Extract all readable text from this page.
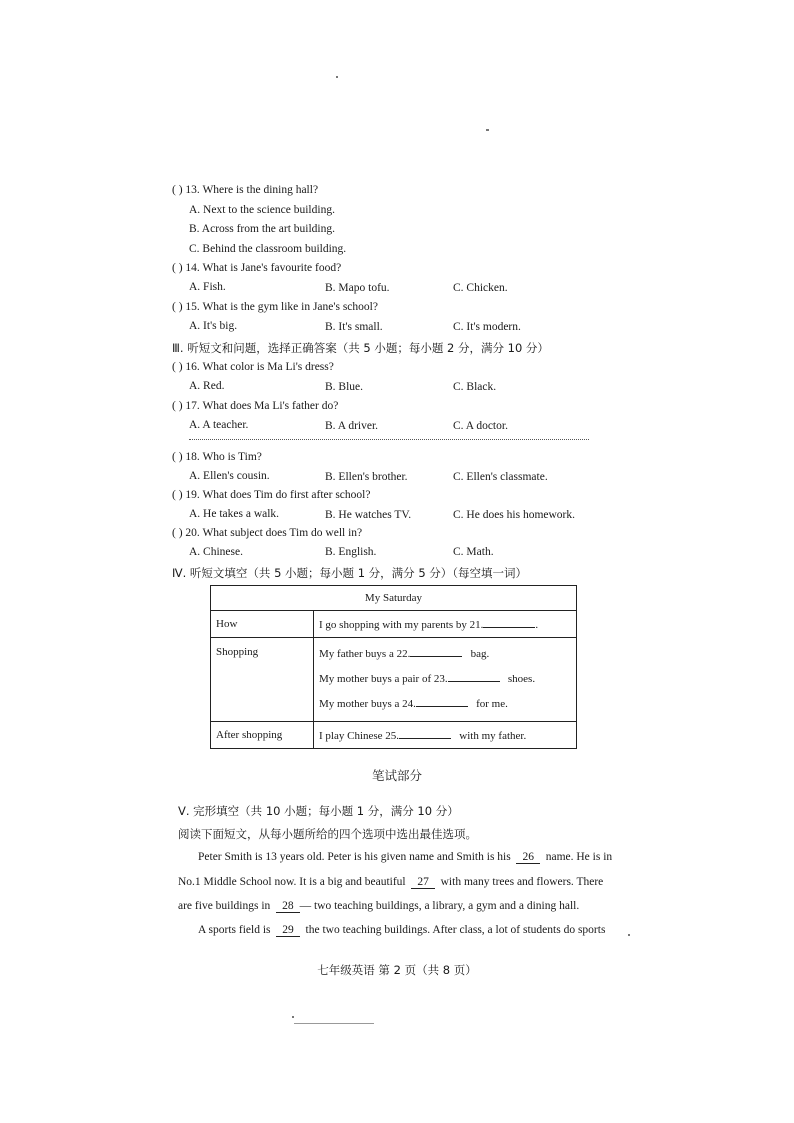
( ) 13. Where is the dining hall?
A. Next to the science building.
B. Across from the art building.
C. Behind the classroom building.
( ) 14. What is Jane's favourite food?
A. Fish.	B. Mapo tofu.	C. Chicken.
( ) 15. What is the gym like in Jane's school?
A. It's big.	B. It's small.	C. It's modern.
Ⅲ. 听短文和问题，选择正确答案（共 5 小题；每小题 2 分，满分 10 分）
( ) 16. What color is Ma Li's dress?
A. Red.	B. Blue.	C. Black.
( ) 17. What does Ma Li's father do?
A. A teacher.	B. A driver.	C. A doctor.
( ) 18. Who is Tim?
A. Ellen's cousin.	B. Ellen's brother.	C. Ellen's classmate.
( ) 19. What does Tim do first after school?
A. He takes a walk.	B. He watches TV.	C. He does his homework.
( ) 20. What subject does Tim do well in?
A. Chinese.	B. English.	C. Math.
Ⅳ. 听短文填空（共 5 小题；每小题 1 分，满分 5 分）（每空填一词）
My Saturday	
How	I go shopping with my parents by 21. .
Shopping	My father buys a 22. bag.
My mother buys a pair of 23. shoes.
My mother buys a 24. for me.

After shopping	I play Chinese 25. with my father.
笔试部分
Ⅴ. 完形填空（共 10 小题；每小题 1 分，满分 10 分）
阅读下面短文，从每小题所给的四个选项中选出最佳选项。
Peter Smith is 13 years old. Peter is his given name and Smith is his 26 name. He is in
No.1 Middle School now. It is a big and beautiful 27 with many trees and flowers. There
are five buildings in 28 — two teaching buildings, a library, a gym and a dining hall.
A sports field is 29 the two teaching buildings. After class, a lot of students do sports
七年级英语 第 2 页（共 8 页）
